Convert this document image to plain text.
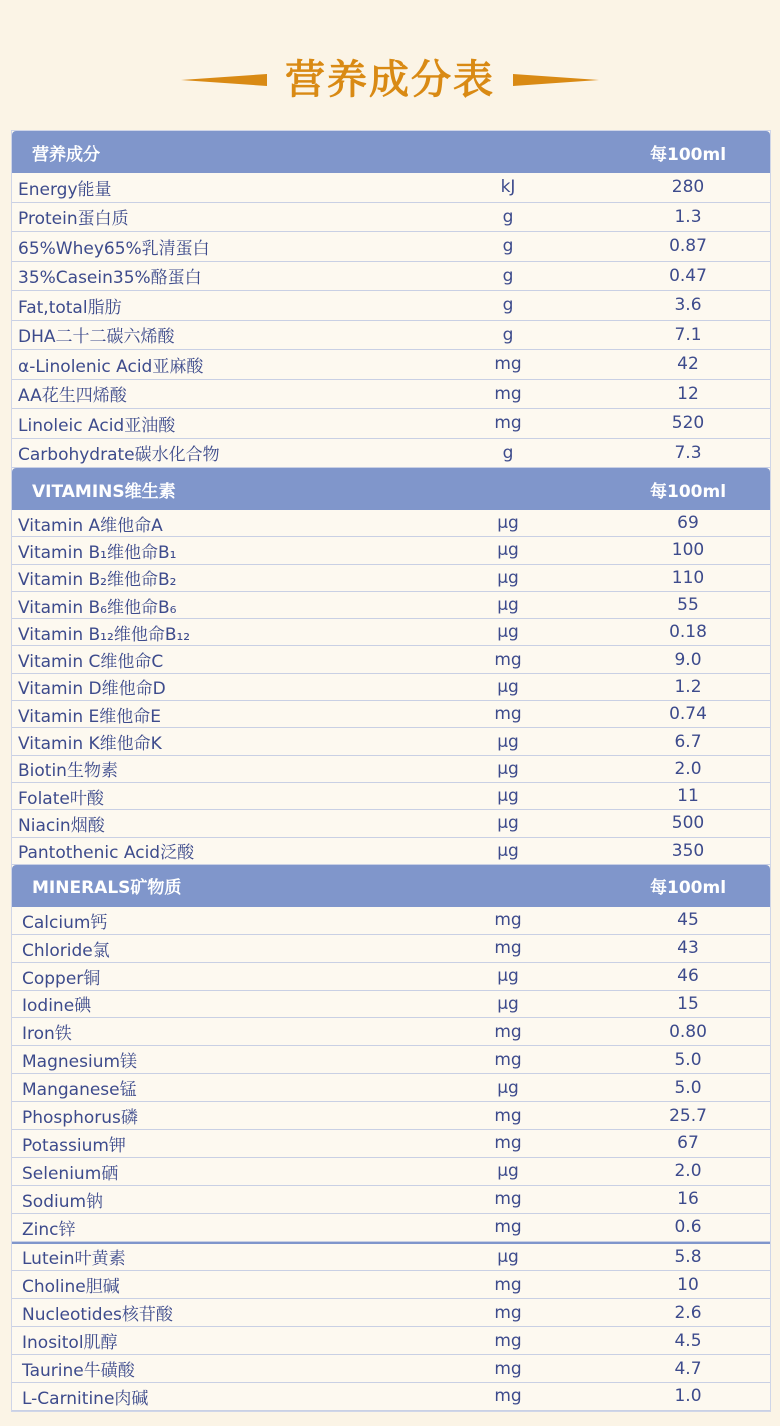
营养成分表
营养成分	每100ml
Energy能量	kJ	280
Protein蛋白质	g	1.3
65%Whey65%乳清蛋白	g	0.87
35%Casein35%酪蛋白	g	0.47
Fat,total脂肪	g	3.6
DHA二十二碳六烯酸	g	7.1
α-Linolenic Acid亚麻酸	mg	42
AA花生四烯酸	mg	12
Linoleic Acid亚油酸	mg	520
Carbohydrate碳水化合物	g	7.3
VITAMINS维生素	每100ml
Vitamin A维他命A	μg	69
Vitamin B₁维他命B₁	μg	100
Vitamin B₂维他命B₂	μg	110
Vitamin B₆维他命B₆	μg	55
Vitamin B₁₂维他命B₁₂	μg	0.18
Vitamin C维他命C	mg	9.0
Vitamin D维他命D	μg	1.2
Vitamin E维他命E	mg	0.74
Vitamin K维他命K	μg	6.7
Biotin生物素	μg	2.0
Folate叶酸	μg	11
Niacin烟酸	μg	500
Pantothenic Acid泛酸	μg	350
MINERALS矿物质	每100ml
Calcium钙	mg	45
Chloride氯	mg	43
Copper铜	μg	46
Iodine碘	μg	15
Iron铁	mg	0.80
Magnesium镁	mg	5.0
Manganese锰	μg	5.0
Phosphorus磷	mg	25.7
Potassium钾	mg	67
Selenium硒	μg	2.0
Sodium钠	mg	16
Zinc锌	mg	0.6
Lutein叶黄素	μg	5.8
Choline胆碱	mg	10
Nucleotides核苷酸	mg	2.6
Inositol肌醇	mg	4.5
Taurine牛磺酸	mg	4.7
L-Carnitine肉碱	mg	1.0
